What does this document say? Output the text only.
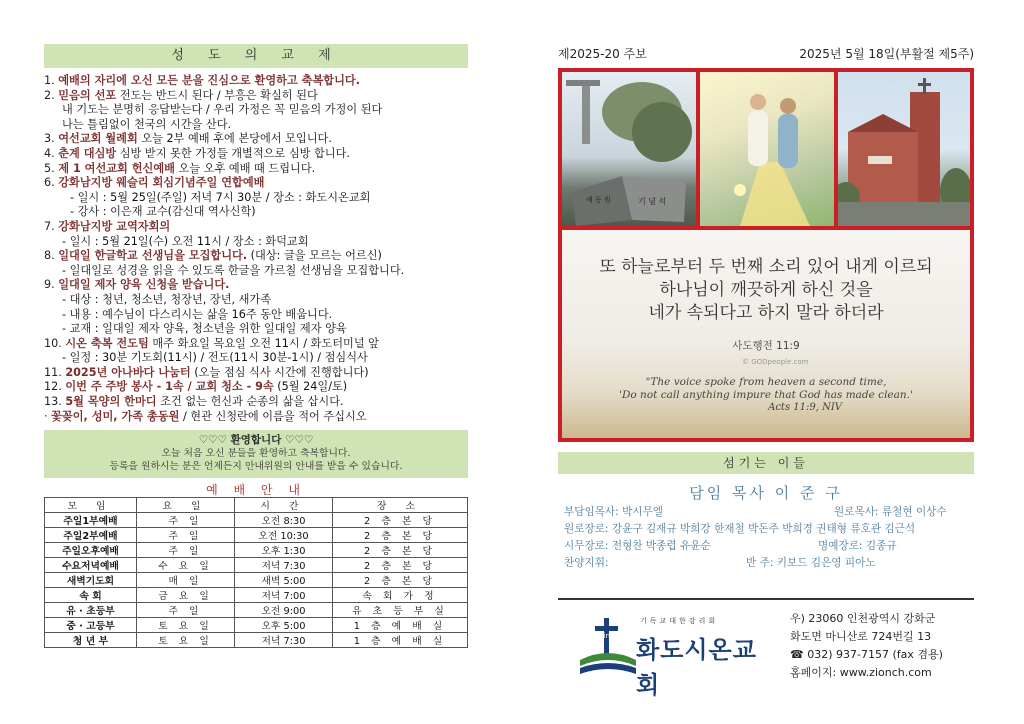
성 도 의 교 제
1. 예배의 자리에 오신 모든 분을 진심으로 환영하고 축복합니다.
2. 믿음의 선포 전도는 반드시 된다 / 부흥은 확실히 된다
내 기도는 분명히 응답받는다 / 우리 가정은 꼭 믿음의 가정이 된다
나는 틀림없이 천국의 시간을 산다.
3. 여선교회 월례회 오늘 2부 예배 후에 본당에서 모입니다.
4. 춘계 대심방 심방 받지 못한 가정들 개별적으로 심방 합니다.
5. 제 1 여선교회 헌신예배 오늘 오후 예배 때 드립니다.
6. 강화남지방 웨슬리 회심기념주일 연합예배
- 일시 : 5월 25일(주일) 저녁 7시 30분 / 장소 : 화도시온교회
- 강사 : 이은재 교수(감신대 역사신학)
7. 강화남지방 교역자회의
- 일시 : 5월 21일(수) 오전 11시 / 장소 : 화덕교회
8. 일대일 한글학교 선생님을 모집합니다. (대상: 글을 모르는 어르신)
- 일대일로 성경을 읽을 수 있도록 한글을 가르칠 선생님을 모집합니다.
9. 일대일 제자 양육 신청을 받습니다.
- 대상 : 청년, 청소년, 청장년, 장년, 새가족
- 내용 : 예수님이 다스리시는 삶을 16주 동안 배웁니다.
- 교재 : 일대일 제자 양육, 청소년을 위한 일대일 제자 양육
10. 시온 축복 전도팀 매주 화요일 목요일 오전 11시 / 화도터미널 앞
- 일정 : 30분 기도회(11시) / 전도(11시 30분-1시) / 점심식사
11. 2025년 아나바다 나눔터 (오늘 점심 식사 시간에 진행합니다)
12. 이번 주 주방 봉사 - 1속 / 교회 청소 - 9속 (5월 24일/토)
13. 5월 목양의 한마디 조건 없는 헌신과 순종의 삶을 삽시다.
· 꽃꽂이, 성미, 가족 총동원 / 현관 신청란에 이름을 적어 주십시오
♡♡♡ 환영합니다 ♡♡♡
오늘 처음 오신 분들을 환영하고 축복합니다.
등록을 원하시는 분은 언제든지 안내위원의 안내를 받을 수 있습니다.
예 배 안 내
모 임	요 일	시 간	장 소
주일1부예배	주 일	오전 8:30	2 층 본 당
주일2부예배	주 일	오전 10:30	2 층 본 당
주일오후예배	주 일	오후 1:30	2 층 본 당
수요저녁예배	수 요 일	저녁 7:30	2 층 본 당
새벽기도회	매 일	새벽 5:00	2 층 본 당
속 회	금 요 일	저녁 7:00	속 회 가 정
유 · 초등부	주 일	오전 9:00	유 초 등 부 실
중 · 고등부	토 요 일	오후 5:00	1 층 예 배 실
청 년 부	토 요 일	저녁 7:30	1 층 예 배 실
제2025-20 주보	2025년 5월 18일(부활절 제5주)
기 념 석
예 동 원
또 하늘로부터 두 번째 소리 있어 내게 이르되
하나님이 깨끗하게 하신 것을
네가 속되다고 하지 말라 하더라
사도행전 11:9
© GODpeople.com
"The voice spoke from heaven a second time,
'Do not call anything impure that God has made clean.'
Acts 11:9, NIV
섬기는 이들
담임 목사 이 준 구
부담임목사: 박시무엘	원로목사: 류철현 이상수
원로장로: 강윤구 김재규 박희강 한재철 박돈주 박희경 권태형 류호관 김근석
시무장로: 전형찬 박종렵 유윤순	명예장로: 김종규
찬양지휘:	반 주: 키보드 김은영 피아노
since 1905
기독교대한감리회
화도시온교회
우) 23060 인천광역시 강화군
화도면 마니산로 724번길 13
☎ 032) 937-7157 (fax 겸용)
홈페이지: www.zionch.com
